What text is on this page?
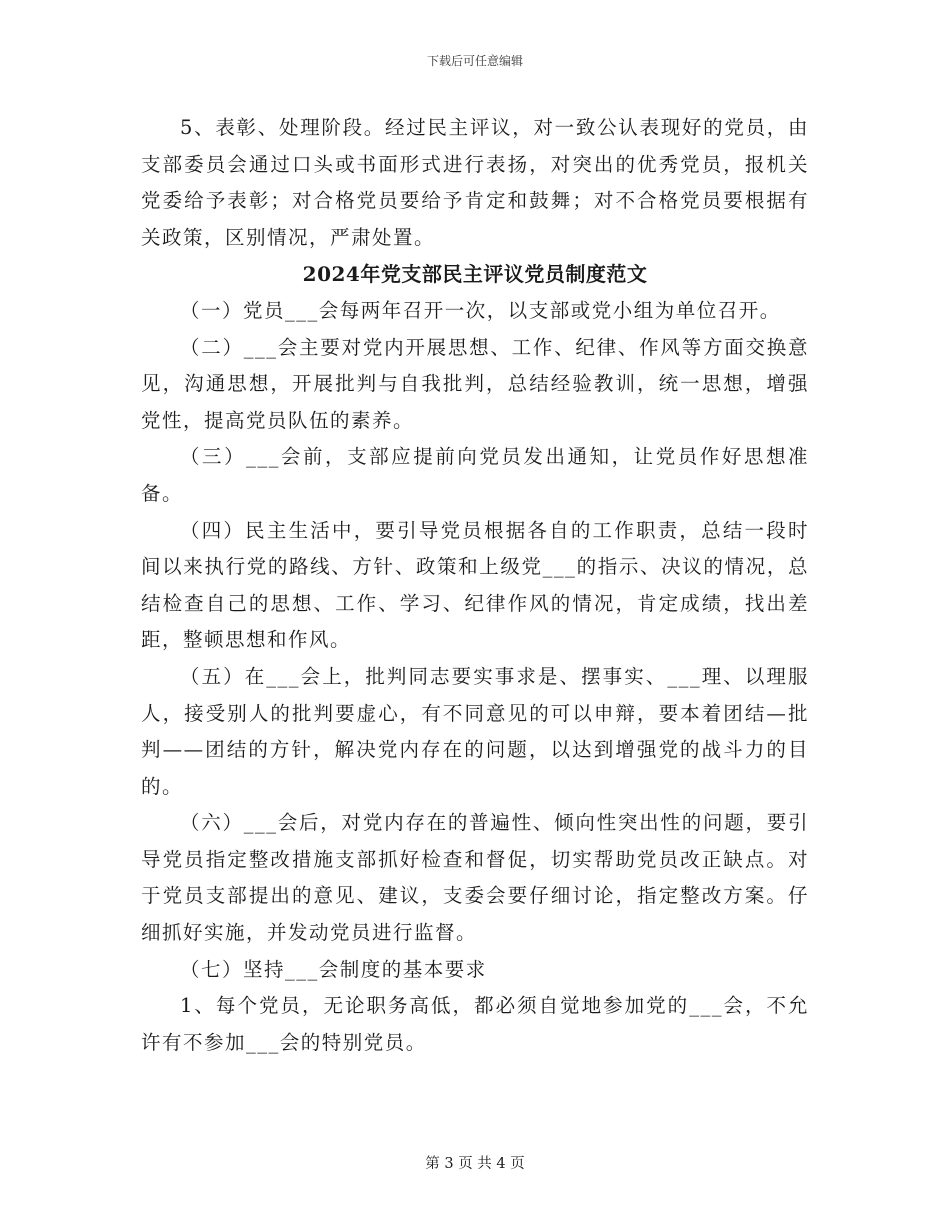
下载后可任意编辑

5、表彰、处理阶段。经过民主评议，对一致公认表现好的党员，由支部委员会通过口头或书面形式进行表扬，对突出的优秀党员，报机关党委给予表彰；对合格党员要给予肯定和鼓舞；对不合格党员要根据有关政策，区别情况，严肃处置。

2024年党支部民主评议党员制度范文

（一）党员___会每两年召开一次，以支部或党小组为单位召开。

（二）___会主要对党内开展思想、工作、纪律、作风等方面交换意见，沟通思想，开展批判与自我批判，总结经验教训，统一思想，增强党性，提高党员队伍的素养。

（三）___会前，支部应提前向党员发出通知，让党员作好思想准备。

（四）民主生活中，要引导党员根据各自的工作职责，总结一段时间以来执行党的路线、方针、政策和上级党___的指示、决议的情况，总结检查自己的思想、工作、学习、纪律作风的情况，肯定成绩，找出差距，整顿思想和作风。

（五）在___会上，批判同志要实事求是、摆事实、___理、以理服人，接受别人的批判要虚心，有不同意见的可以申辩，要本着团结—批判——团结的方针，解决党内存在的问题，以达到增强党的战斗力的目的。

（六）___会后，对党内存在的普遍性、倾向性突出性的问题，要引导党员指定整改措施支部抓好检查和督促，切实帮助党员改正缺点。对于党员支部提出的意见、建议，支委会要仔细讨论，指定整改方案。仔细抓好实施，并发动党员进行监督。

（七）坚持___会制度的基本要求

1、每个党员，无论职务高低，都必须自觉地参加党的___会，不允许有不参加___会的特别党员。

第 3 页 共 4 页
